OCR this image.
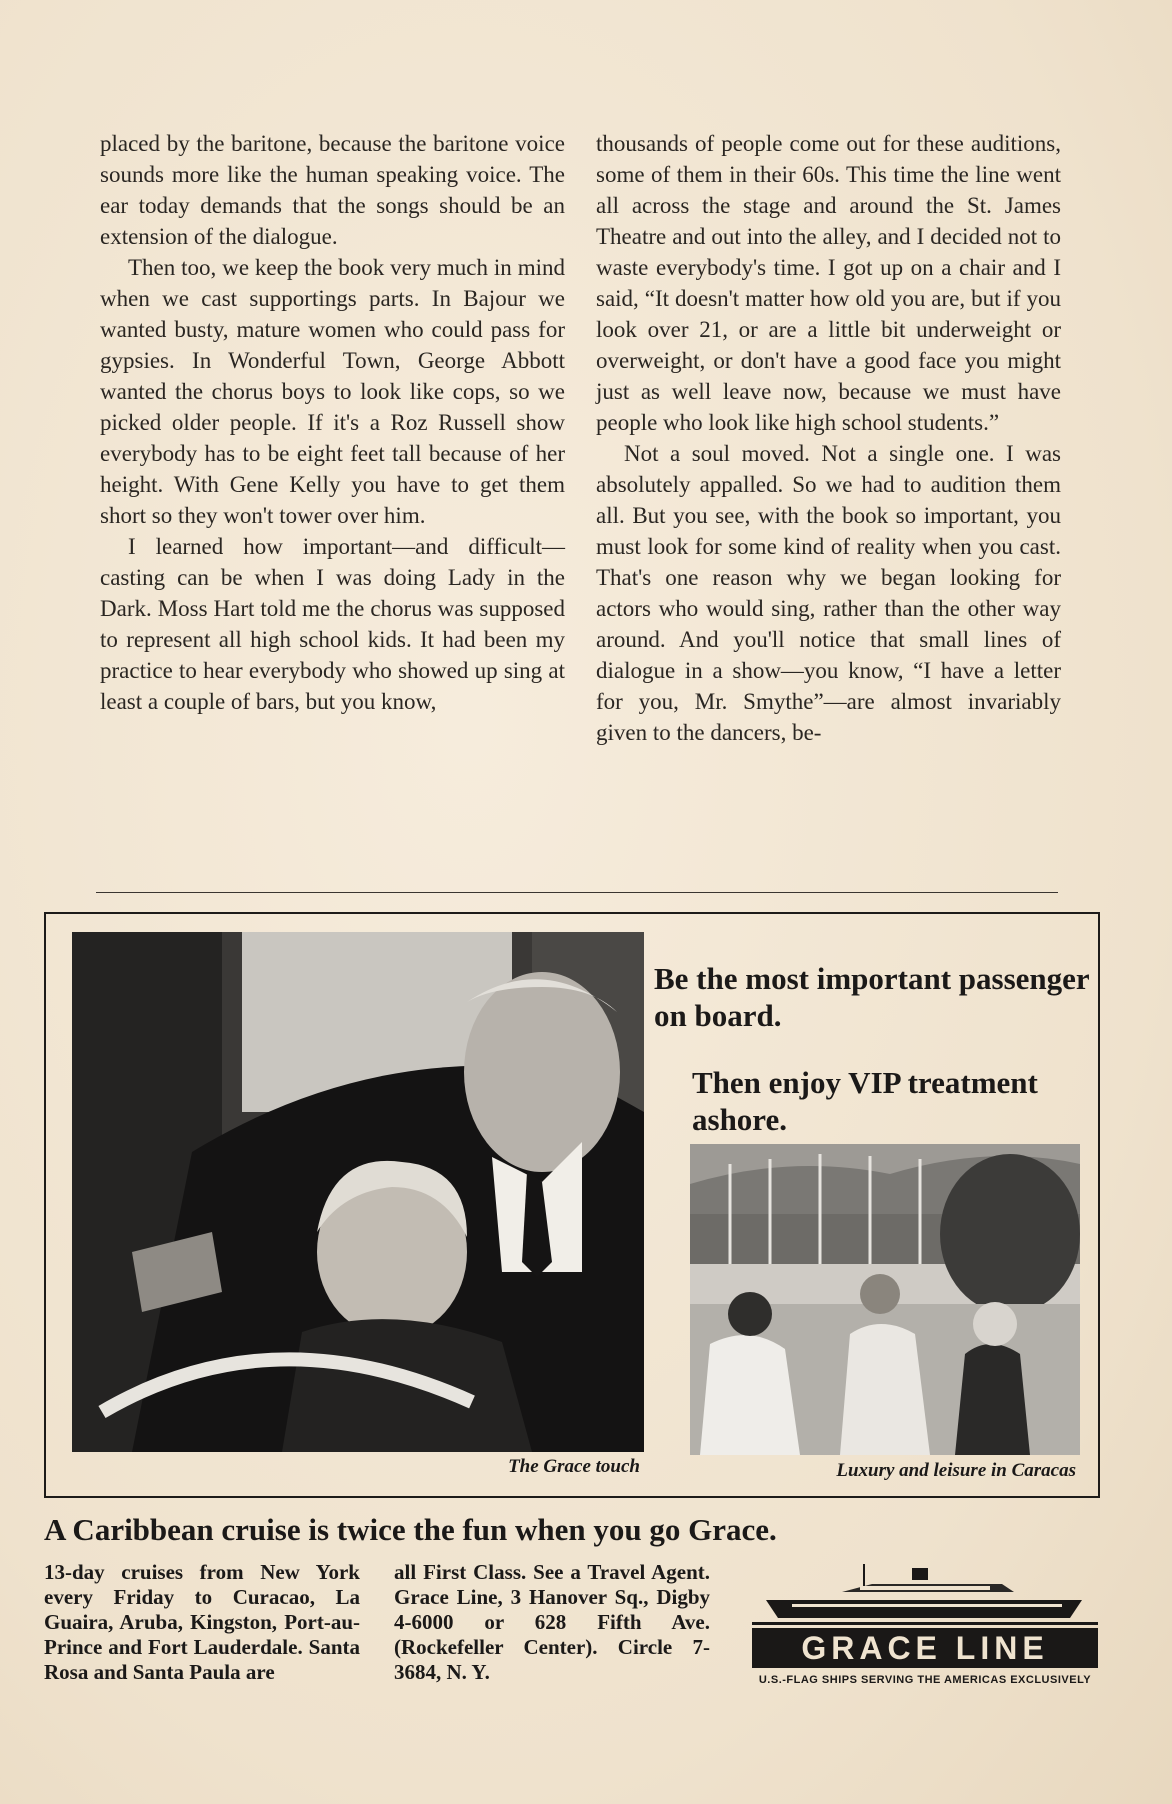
placed by the baritone, because the baritone voice sounds more like the human speaking voice. The ear today demands that the songs should be an extension of the dialogue.

Then too, we keep the book very much in mind when we cast supportings parts. In Bajour we wanted busty, mature women who could pass for gypsies. In Wonderful Town, George Abbott wanted the chorus boys to look like cops, so we picked older people. If it's a Roz Russell show everybody has to be eight feet tall because of her height. With Gene Kelly you have to get them short so they won't tower over him.

I learned how important—and difficult—casting can be when I was doing Lady in the Dark. Moss Hart told me the chorus was supposed to represent all high school kids. It had been my practice to hear everybody who showed up sing at least a couple of bars, but you know,

thousands of people come out for these auditions, some of them in their 60s. This time the line went all across the stage and around the St. James Theatre and out into the alley, and I decided not to waste everybody's time. I got up on a chair and I said, “It doesn't matter how old you are, but if you look over 21, or are a little bit underweight or overweight, or don't have a good face you might just as well leave now, because we must have people who look like high school students.”

Not a soul moved. Not a single one. I was absolutely appalled. So we had to audition them all. But you see, with the book so important, you must look for some kind of reality when you cast. That's one reason why we began looking for actors who would sing, rather than the other way around. And you'll notice that small lines of dialogue in a show—you know, “I have a letter for you, Mr. Smythe”—are almost invariably given to the dancers, be-

Be the most important passenger on board.
Then enjoy VIP treatment ashore.
The Grace touch	Luxury and leisure in Caracas
A Caribbean cruise is twice the fun when you go Grace.
13-day cruises from New York every Friday to Curacao, La Guaira, Aruba, Kingston, Port-au-Prince and Fort Lauderdale. Santa Rosa and Santa Paula are
all First Class. See a Travel Agent. Grace Line, 3 Hanover Sq., Digby 4-6000 or 628 Fifth Ave. (Rockefeller Center). Circle 7-3684, N. Y.
GRACE LINE
U.S.-FLAG SHIPS SERVING THE AMERICAS EXCLUSIVELY
